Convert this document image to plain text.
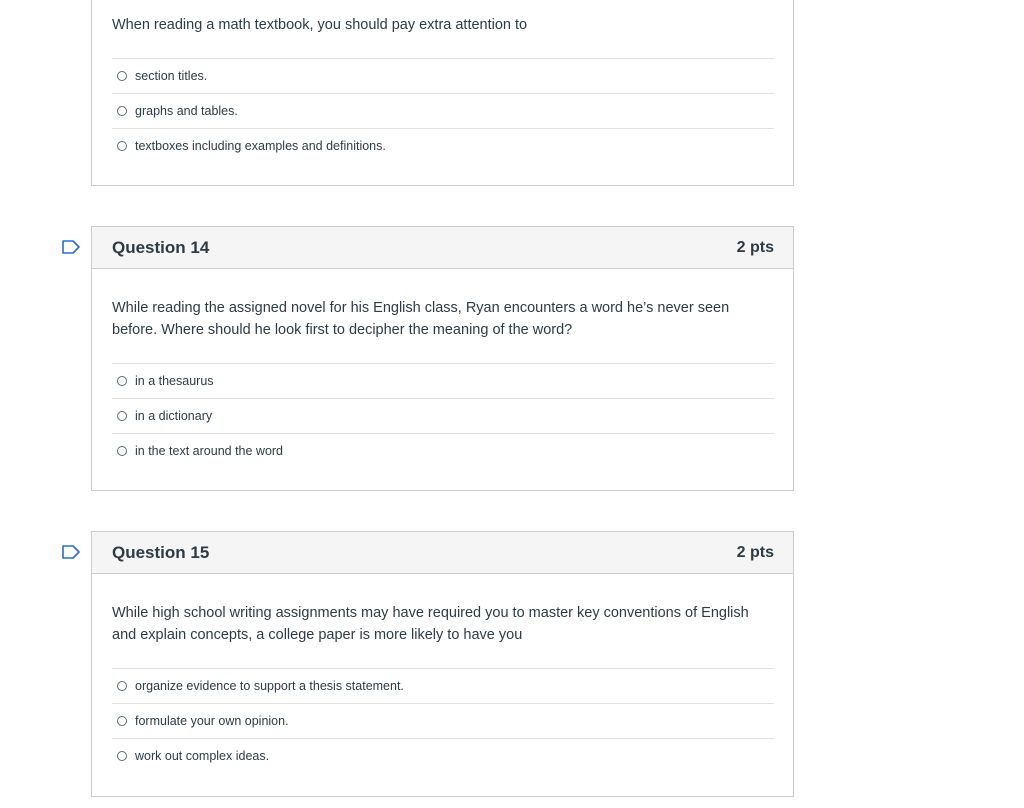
When reading a math textbook, you should pay extra attention to

section titles.
graphs and tables.
textboxes including examples and definitions.
Question 14	2 pts

While reading the assigned novel for his English class, Ryan encounters a word he’s never seen before. Where should he look first to decipher the meaning of the word?

in a thesaurus
in a dictionary
in the text around the word
Question 15	2 pts

While high school writing assignments may have required you to master key conventions of English and explain concepts, a college paper is more likely to have you

organize evidence to support a thesis statement.
formulate your own opinion.
work out complex ideas.
